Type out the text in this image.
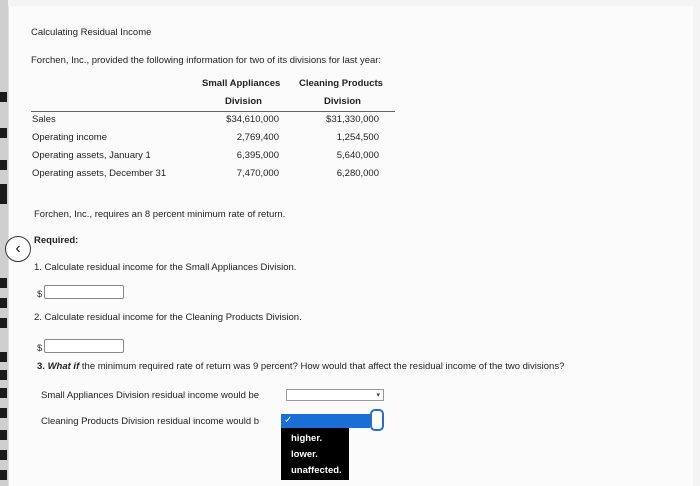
Calculating Residual Income
Forchen, Inc., provided the following information for two of its divisions for last year:
Small Appliances
Division
Cleaning Products
Division
Sales	$34,610,000	$31,330,000
Operating income	2,769,400	1,254,500
Operating assets, January 1	6,395,000	5,640,000
Operating assets, December 31	7,470,000	6,280,000
Forchen, Inc., requires an 8 percent minimum rate of return.
‹ Required:
1. Calculate residual income for the Small Appliances Division.
$
2. Calculate residual income for the Cleaning Products Division.
$
3. What if the minimum required rate of return was 9 percent? How would that affect the residual income of the two divisions?
Small Appliances Division residual income would be	▾
Cleaning Products Division residual income would b	✓
higher.
lower.
unaffected.
